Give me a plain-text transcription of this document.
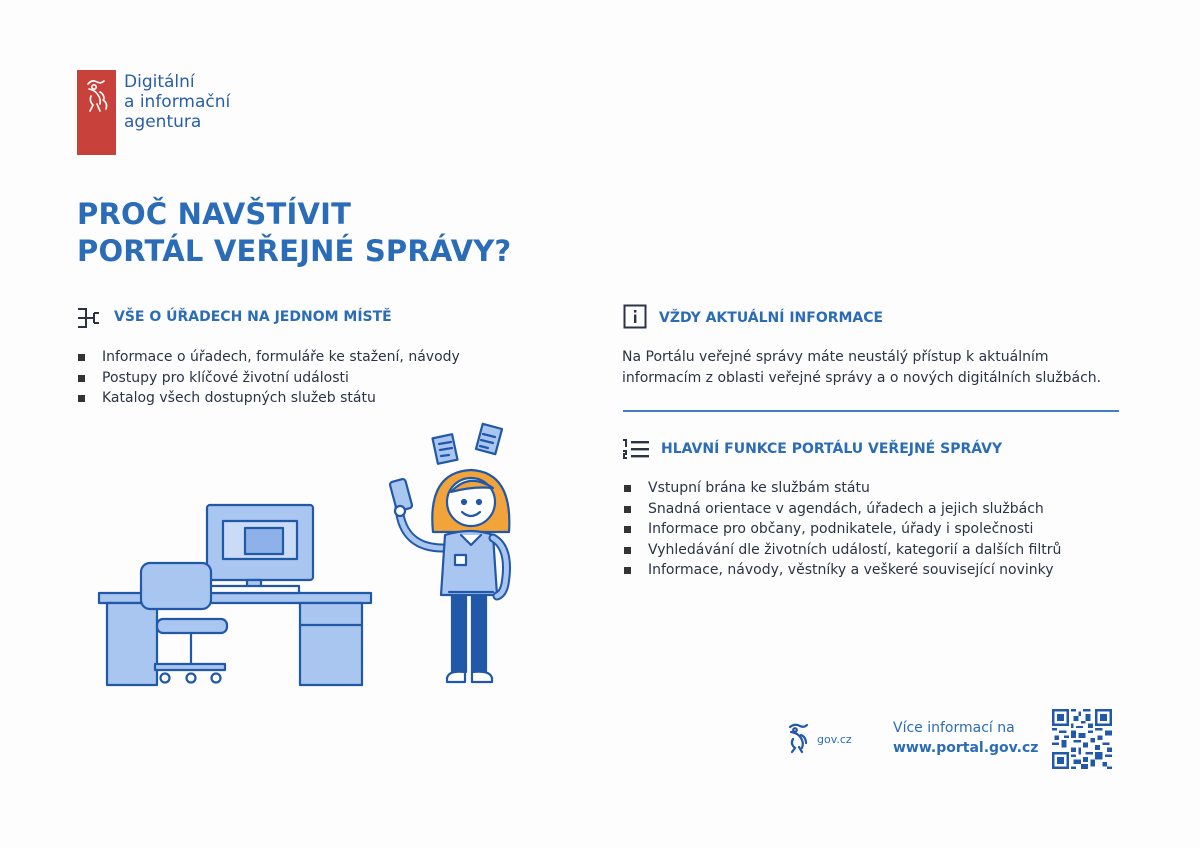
Digitální
a informační
agentura
PROČ NAVŠTÍVIT
PORTÁL VEŘEJNÉ SPRÁVY?
VŠE O ÚŘADECH NA JEDNOM MÍSTĚ
Informace o úřadech, formuláře ke stažení, návody
Postupy pro klíčové životní události
Katalog všech dostupných služeb státu
VŽDY AKTUÁLNÍ INFORMACE
Na Portálu veřejné správy máte neustálý přístup k aktuálním
informacím z oblasti veřejné správy a o nových digitálních službách.
HLAVNÍ FUNKCE PORTÁLU VEŘEJNÉ SPRÁVY
Vstupní brána ke službám státu
Snadná orientace v agendách, úřadech a jejich službách
Informace pro občany, podnikatele, úřady i společnosti
Vyhledávání dle životních událostí, kategorií a dalších filtrů
Informace, návody, věstníky a veškeré související novinky
gov.cz
Více informací na
www.portal.gov.cz
